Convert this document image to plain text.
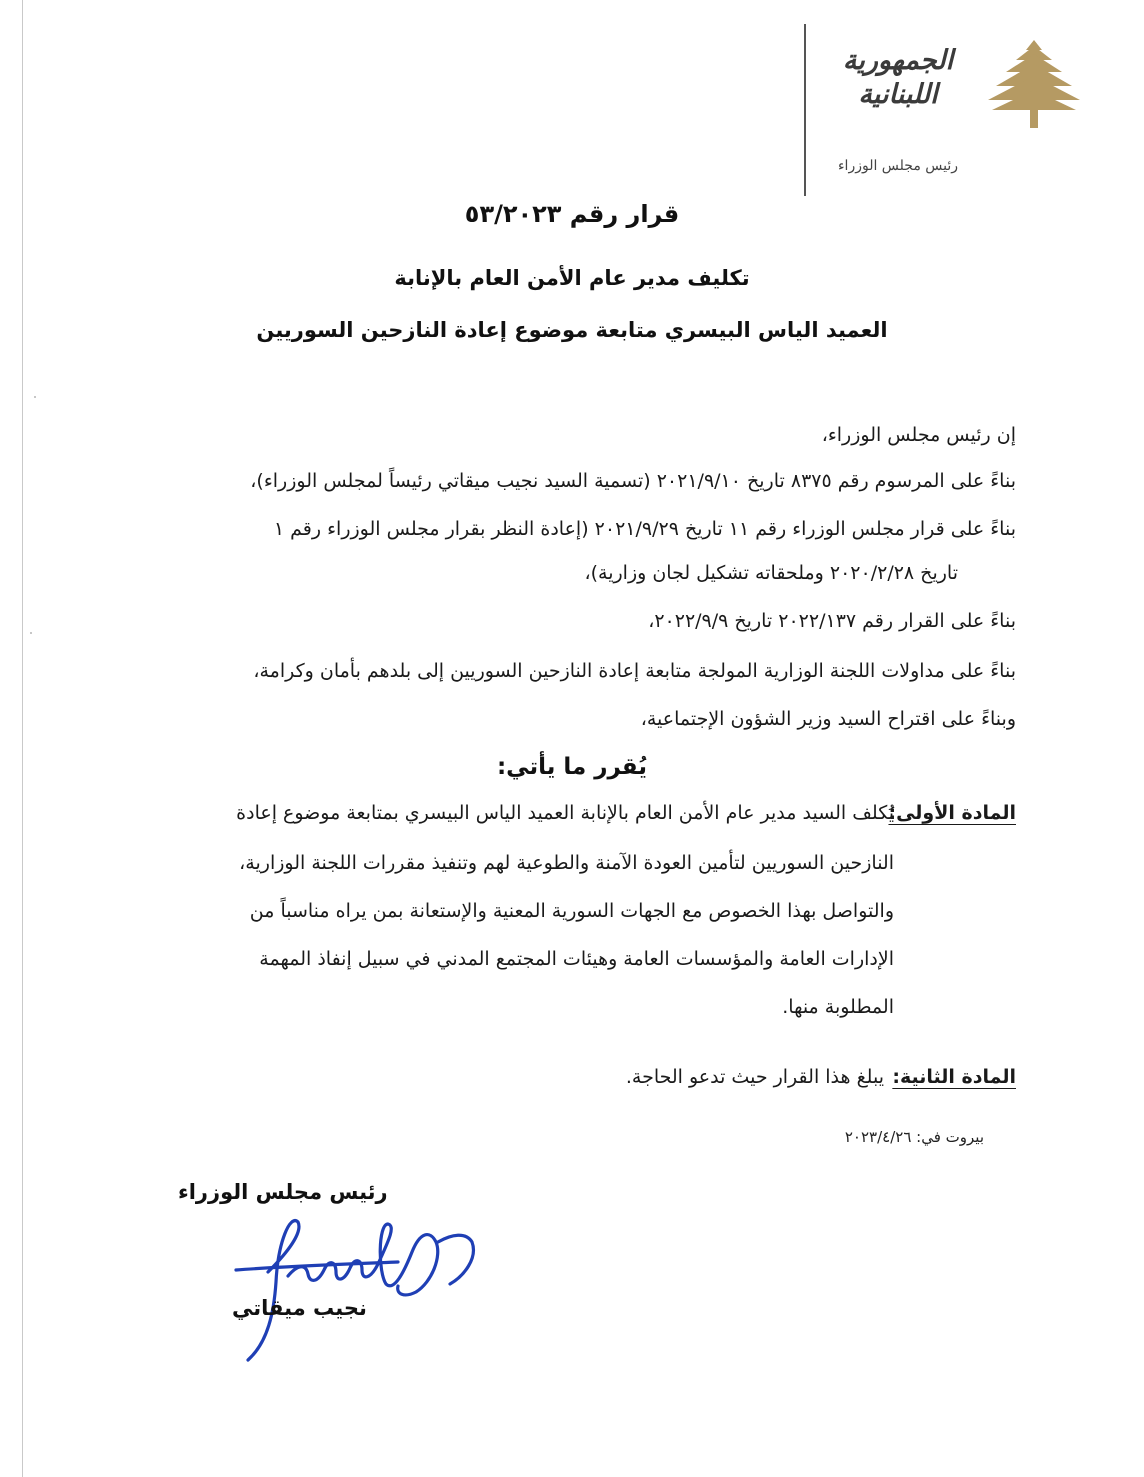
الجمهورية
اللبنانية
رئيس مجلس الوزراء
قرار رقم ٥٣/٢٠٢٣
تكليف مدير عام الأمن العام بالإنابة
العميد الياس البيسري متابعة موضوع إعادة النازحين السوريين
إن رئيس مجلس الوزراء،
بناءً على المرسوم رقم ٨٣٧٥ تاريخ ٢٠٢١/٩/١٠ (تسمية السيد نجيب ميقاتي رئيساً لمجلس الوزراء)،
بناءً على قرار مجلس الوزراء رقم ١١ تاريخ ٢٠٢١/٩/٢٩ (إعادة النظر بقرار مجلس الوزراء رقم ١
تاريخ ٢٠٢٠/٢/٢٨ وملحقاته تشكيل لجان وزارية)،
بناءً على القرار رقم ٢٠٢٢/١٣٧ تاريخ ٢٠٢٢/٩/٩،
بناءً على مداولات اللجنة الوزارية المولجة متابعة إعادة النازحين السوريين إلى بلدهم بأمان وكرامة،
وبناءً على اقتراح السيد وزير الشؤون الإجتماعية،
يُقرر ما يأتي:
المادة الأولى:
يُكلف السيد مدير عام الأمن العام بالإنابة العميد الياس البيسري بمتابعة موضوع إعادة
النازحين السوريين لتأمين العودة الآمنة والطوعية لهم وتنفيذ مقررات اللجنة الوزارية،
والتواصل بهذا الخصوص مع الجهات السورية المعنية والإستعانة بمن يراه مناسباً من
الإدارات العامة والمؤسسات العامة وهيئات المجتمع المدني في سبيل إنفاذ المهمة
المطلوبة منها.
المادة الثانية:
يبلغ هذا القرار حيث تدعو الحاجة.
بيروت في: ٢٠٢٣/٤/٢٦
رئيس مجلس الوزراء
نجيب ميقاتي
